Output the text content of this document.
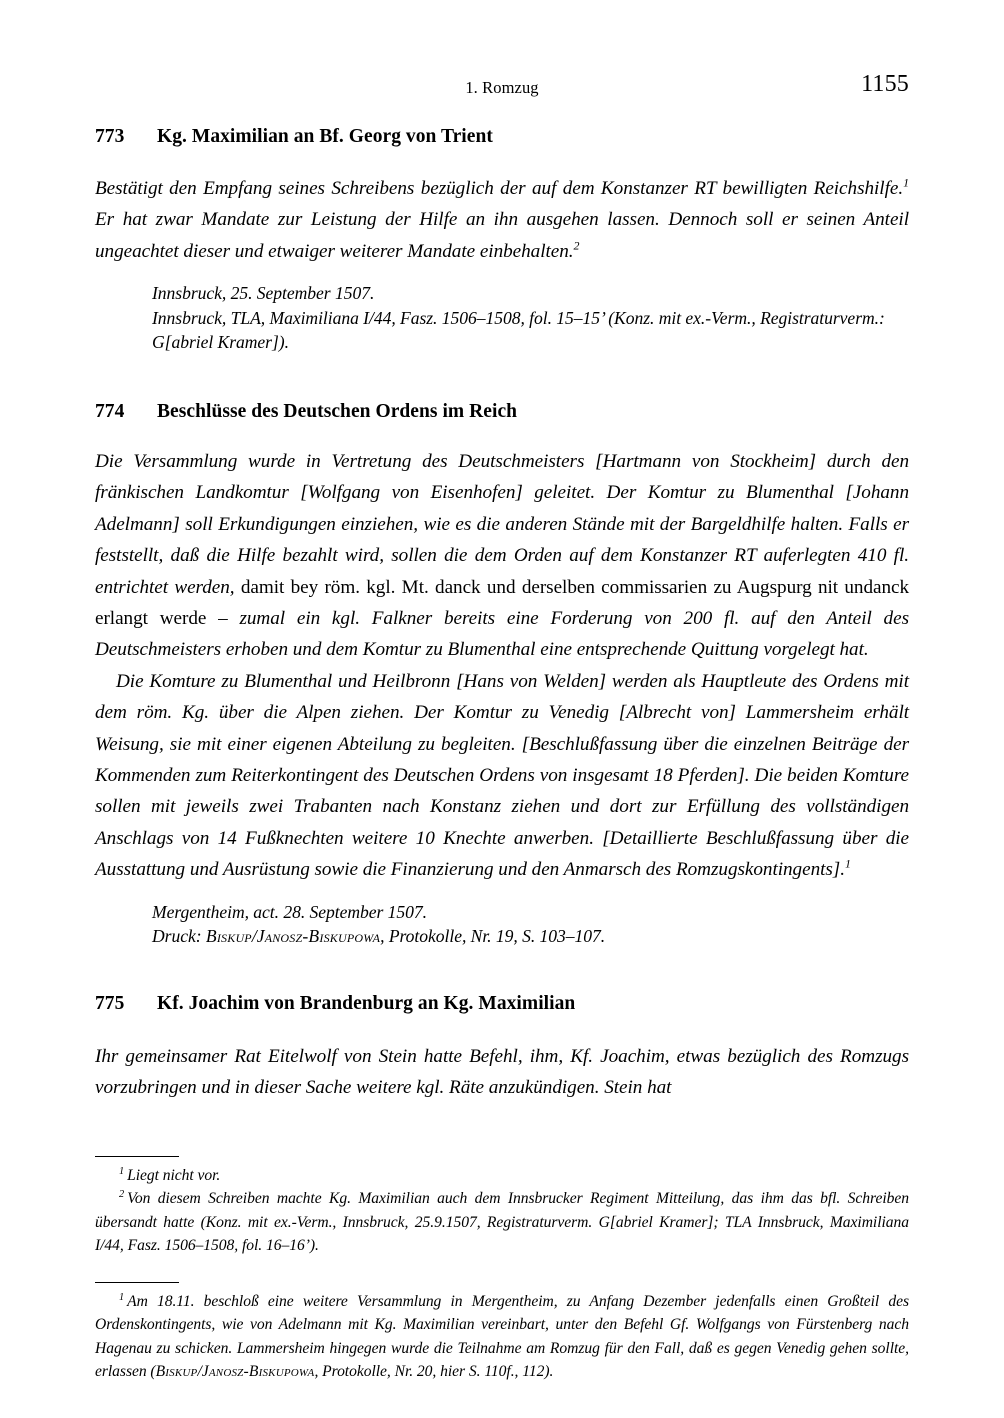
1. Romzug	1155
773	Kg. Maximilian an Bf. Georg von Trient

Bestätigt den Empfang seines Schreibens bezüglich der auf dem Konstanzer RT bewilligten Reichshilfe.$^1$ Er hat zwar Mandate zur Leistung der Hilfe an ihn ausgehen lassen. Dennoch soll er seinen Anteil ungeachtet dieser und etwaiger weiterer Mandate einbehalten.$^2$

Innsbruck, 25. September 1507.
Innsbruck, TLA, Maximiliana I/44, Fasz. 1506–1508, fol. 15–15’ (Konz. mit ex.-Verm., Registraturverm.: G[abriel Kramer]).
774	Beschlüsse des Deutschen Ordens im Reich

Die Versammlung wurde in Vertretung des Deutschmeisters [Hartmann von Stockheim] durch den fränkischen Landkomtur [Wolfgang von Eisenhofen] geleitet. Der Komtur zu Blumenthal [Johann Adelmann] soll Erkundigungen einziehen, wie es die anderen Stände mit der Bargeldhilfe halten. Falls er feststellt, daß die Hilfe bezahlt wird, sollen die dem Orden auf dem Konstanzer RT auferlegten 410 fl. entrichtet werden, damit bey röm. kgl. Mt. danck und derselben commissarien zu Augspurg nit undanck erlangt werde – zumal ein kgl. Falkner bereits eine Forderung von 200 fl. auf den Anteil des Deutschmeisters erhoben und dem Komtur zu Blumenthal eine entsprechende Quittung vorgelegt hat.

Die Komture zu Blumenthal und Heilbronn [Hans von Welden] werden als Hauptleute des Ordens mit dem röm. Kg. über die Alpen ziehen. Der Komtur zu Venedig [Albrecht von] Lammersheim erhält Weisung, sie mit einer eigenen Abteilung zu begleiten. [Beschlußfassung über die einzelnen Beiträge der Kommenden zum Reiterkontingent des Deutschen Ordens von insgesamt 18 Pferden]. Die beiden Komture sollen mit jeweils zwei Trabanten nach Konstanz ziehen und dort zur Erfüllung des vollständigen Anschlags von 14 Fußknechten weitere 10 Knechte anwerben. [Detaillierte Beschlußfassung über die Ausstattung und Ausrüstung sowie die Finanzierung und den Anmarsch des Romzugskontingents].$^1$

Mergentheim, act. 28. September 1507.
Druck: Biskup/Janosz-Biskupowa, Protokolle, Nr. 19, S. 103–107.
775	Kf. Joachim von Brandenburg an Kg. Maximilian

Ihr gemeinsamer Rat Eitelwolf von Stein hatte Befehl, ihm, Kf. Joachim, etwas bezüglich des Romzugs vorzubringen und in dieser Sache weitere kgl. Räte anzukündigen. Stein hat

$^1$ Liegt nicht vor.

$^2$ Von diesem Schreiben machte Kg. Maximilian auch dem Innsbrucker Regiment Mitteilung, das ihm das bfl. Schreiben übersandt hatte (Konz. mit ex.-Verm., Innsbruck, 25.9.1507, Registraturverm. G[abriel Kramer]; TLA Innsbruck, Maximiliana I/44, Fasz. 1506–1508, fol. 16–16’).

$^1$ Am 18.11. beschloß eine weitere Versammlung in Mergentheim, zu Anfang Dezember jedenfalls einen Großteil des Ordenskontingents, wie von Adelmann mit Kg. Maximilian vereinbart, unter den Befehl Gf. Wolfgangs von Fürstenberg nach Hagenau zu schicken. Lammersheim hingegen wurde die Teilnahme am Romzug für den Fall, daß es gegen Venedig gehen sollte, erlassen (Biskup/Janosz-Biskupowa, Protokolle, Nr. 20, hier S. 110f., 112).
